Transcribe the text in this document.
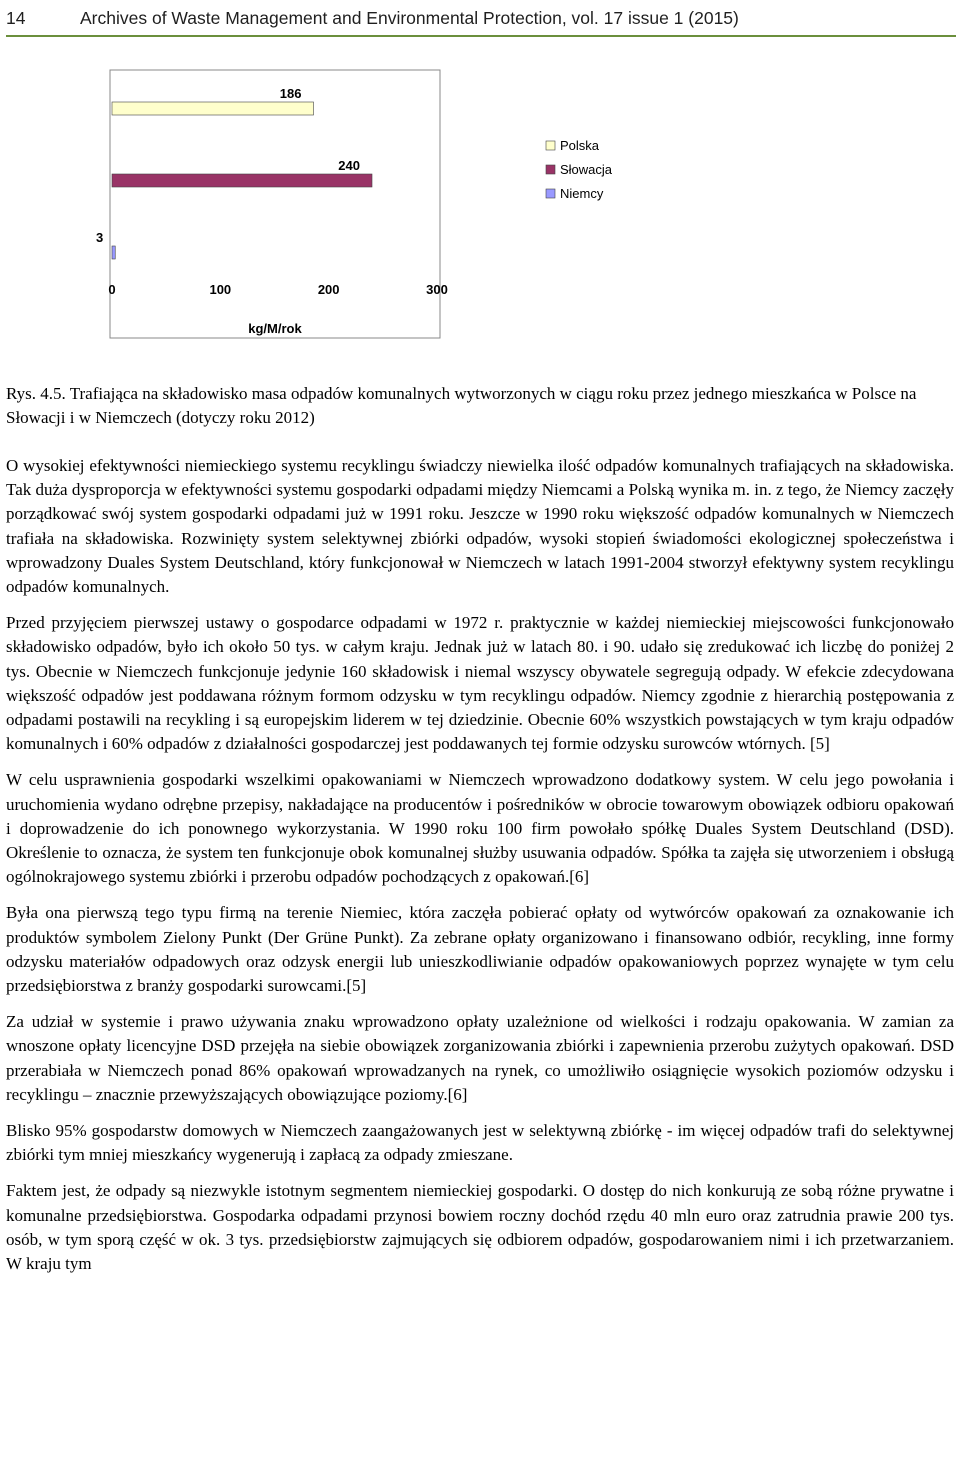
14	Archives of Waste Management and Environmental Protection, vol. 17 issue 1 (2015)
186
240
3
0	100	200	300
kg/M/rok
Polska
Słowacja
Niemcy
Rys. 4.5. Trafiająca na składowisko masa odpadów komunalnych wytworzonych w ciągu roku przez jednego mieszkańca w Polsce na Słowacji i w Niemczech (dotyczy roku 2012)

O wysokiej efektywności niemieckiego systemu recyklingu świadczy niewielka ilość odpadów komunalnych trafiających na składowiska. Tak duża dysproporcja w efektywności systemu gospodarki odpadami między Niemcami a Polską wynika m. in. z tego, że Niemcy zaczęły porządkować swój system gospodarki odpadami już w 1991 roku. Jeszcze w 1990 roku większość odpadów komunalnych w Niemczech trafiała na składowiska. Rozwinięty system selektywnej zbiórki odpadów, wysoki stopień świadomości ekologicznej społeczeństwa i wprowadzony Duales System Deutschland, który funkcjonował w Niemczech w latach 1991-2004 stworzył efektywny system recyklingu odpadów komunalnych.

Przed przyjęciem pierwszej ustawy o gospodarce odpadami w 1972 r. praktycznie w każdej niemieckiej miejscowości funkcjonowało składowisko odpadów, było ich około 50 tys. w całym kraju. Jednak już w latach 80. i 90. udało się zredukować ich liczbę do poniżej 2 tys. Obecnie w Niemczech funkcjonuje jedynie 160 składowisk i niemal wszyscy obywatele segregują odpady. W efekcie zdecydowana większość odpadów jest poddawana różnym formom odzysku w tym recyklingu odpadów. Niemcy zgodnie z hierarchią postępowania z odpadami postawili na recykling i są europejskim liderem w tej dziedzinie. Obecnie 60% wszystkich powstających w tym kraju odpadów komunalnych i 60% odpadów z działalności gospodarczej jest poddawanych tej formie odzysku surowców wtórnych. [5]

W celu usprawnienia gospodarki wszelkimi opakowaniami w Niemczech wprowadzono dodatkowy system. W celu jego powołania i uruchomienia wydano odrębne przepisy, nakładające na producentów i pośredników w obrocie towarowym obowiązek odbioru opakowań i doprowadzenie do ich ponownego wykorzystania. W 1990 roku 100 firm powołało spółkę Duales System Deutschland (DSD). Określenie to oznacza, że system ten funkcjonuje obok komunalnej służby usuwania odpadów. Spółka ta zajęła się utworzeniem i obsługą ogólnokrajowego systemu zbiórki i przerobu odpadów pochodzących z opakowań.[6]

Była ona pierwszą tego typu firmą na terenie Niemiec, która zaczęła pobierać opłaty od wytwórców opakowań za oznakowanie ich produktów symbolem Zielony Punkt (Der Grüne Punkt). Za zebrane opłaty organizowano i finansowano odbiór, recykling, inne formy odzysku materiałów odpadowych oraz odzysk energii lub unieszkodliwianie odpadów opakowaniowych poprzez wynajęte w tym celu przedsiębiorstwa z branży gospodarki surowcami.[5]

Za udział w systemie i prawo używania znaku wprowadzono opłaty uzależnione od wielkości i rodzaju opakowania. W zamian za wnoszone opłaty licencyjne DSD przejęła na siebie obowiązek zorganizowania zbiórki i zapewnienia przerobu zużytych opakowań. DSD przerabiała w Niemczech ponad 86% opakowań wprowadzanych na rynek, co umożliwiło osiągnięcie wysokich poziomów odzysku i recyklingu – znacznie przewyższających obowiązujące poziomy.[6]

Blisko 95% gospodarstw domowych w Niemczech zaangażowanych jest w selektywną zbiórkę - im więcej odpadów trafi do selektywnej zbiórki tym mniej mieszkańcy wygenerują i zapłacą za odpady zmieszane.

Faktem jest, że odpady są niezwykle istotnym segmentem niemieckiej gospodarki. O dostęp do nich konkurują ze sobą różne prywatne i komunalne przedsiębiorstwa. Gospodarka odpadami przynosi bowiem roczny dochód rzędu 40 mln euro oraz zatrudnia prawie 200 tys. osób, w tym sporą część w ok. 3 tys. przedsiębiorstw zajmujących się odbiorem odpadów, gospodarowaniem nimi i ich przetwarzaniem. W kraju tym
